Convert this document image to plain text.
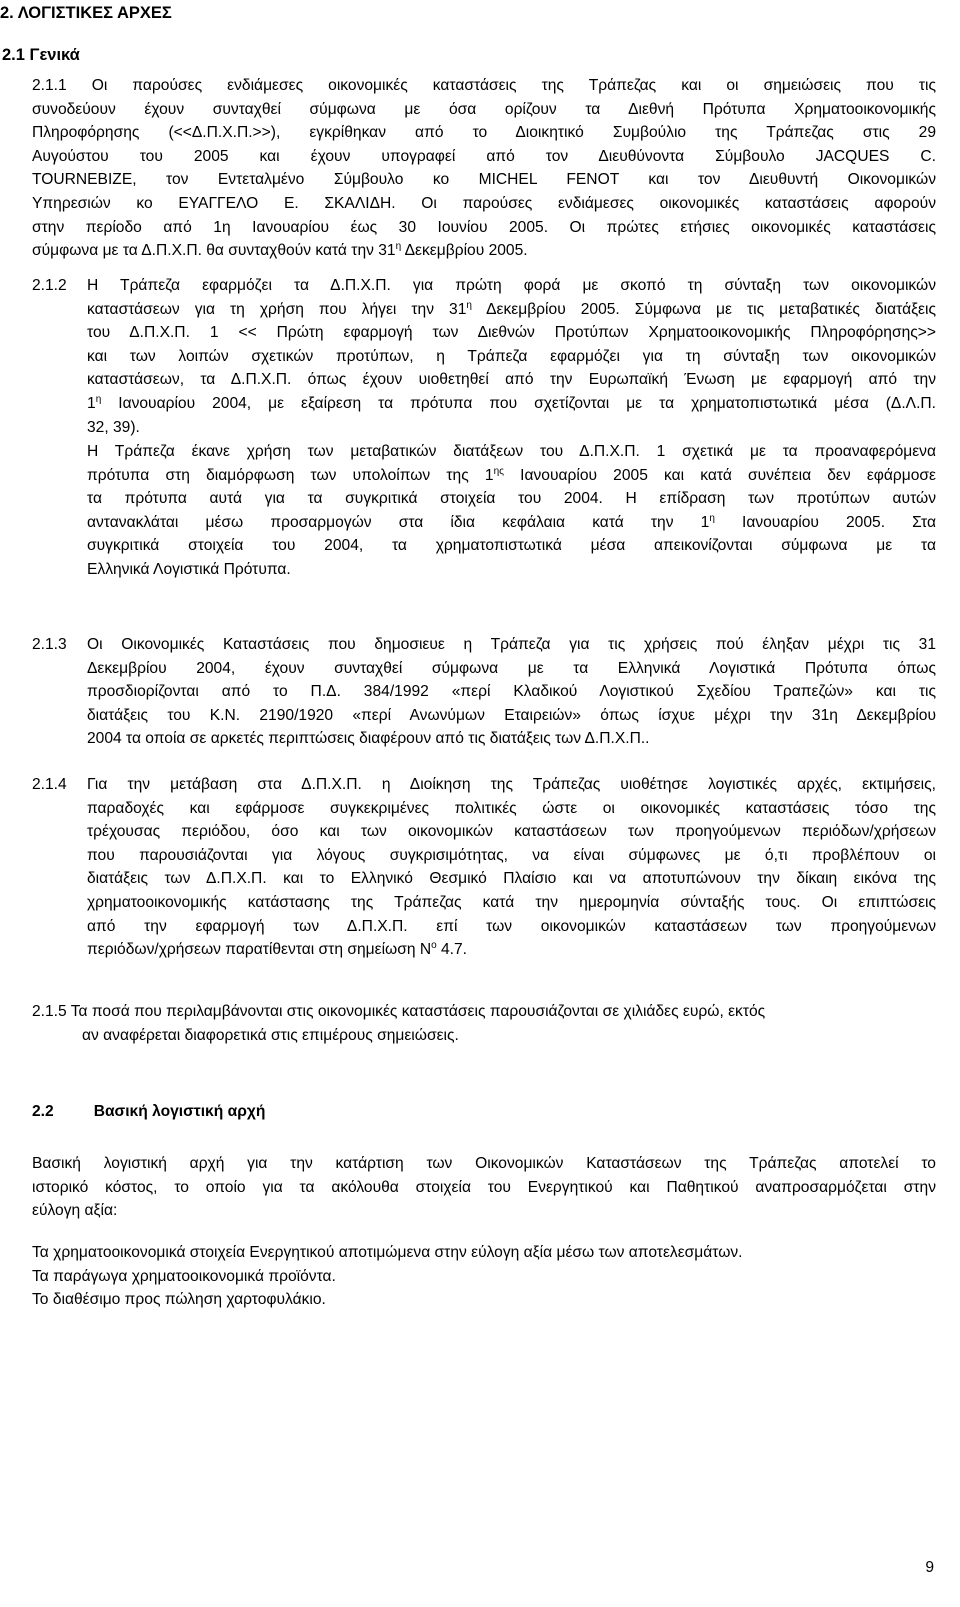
2. ΛΟΓΙΣΤΙΚΕΣ ΑΡΧΕΣ

2.1 Γενικά

2.1.1 Οι παρούσες ενδιάμεσες οικονομικές καταστάσεις της Τράπεζας και οι σημειώσεις που τις
συνοδεύουν έχουν συνταχθεί σύμφωνα με όσα ορίζουν τα Διεθνή Πρότυπα Χρηματοοικονομικής
Πληροφόρησης (<<Δ.Π.Χ.Π.>>), εγκρίθηκαν από το Διοικητικό Συμβούλιο της Τράπεζας στις 29
Αυγούστου του 2005 και έχουν υπογραφεί από τον Διευθύνοντα Σύμβουλο JACQUES C.
TOURNEBIZE, τον Εντεταλμένο Σύμβουλο κο MICHEL FENOT και τον Διευθυντή Οικονομικών
Υπηρεσιών κο ΕΥΑΓΓΕΛΟ Ε. ΣΚΑΛΙΔΗ. Οι παρούσες ενδιάμεσες οικονομικές καταστάσεις αφορούν
στην περίοδο από 1η Ιανουαρίου έως 30 Ιουνίου 2005. Οι πρώτες ετήσιες οικονομικές καταστάσεις
σύμφωνα με τα Δ.Π.Χ.Π. θα συνταχθούν κατά την $31^\eta$ Δεκεμβρίου 2005.
2.1.2 Η Τράπεζα εφαρμόζει τα Δ.Π.Χ.Π. για πρώτη φορά με σκοπό τη σύνταξη των οικονομικών
καταστάσεων για τη χρήση που λήγει την $31^\eta$ Δεκεμβρίου 2005. Σύμφωνα με τις μεταβατικές διατάξεις
του Δ.Π.Χ.Π. 1 << Πρώτη εφαρμογή των Διεθνών Προτύπων Χρηματοοικονομικής Πληροφόρησης>>
και των λοιπών σχετικών προτύπων, η Τράπεζα εφαρμόζει για τη σύνταξη των οικονομικών
καταστάσεων, τα Δ.Π.Χ.Π. όπως έχουν υιοθετηθεί από την Ευρωπαϊκή Ένωση με εφαρμογή από την
$1^\eta$ Ιανουαρίου 2004, με εξαίρεση τα πρότυπα που σχετίζονται με τα χρηματοπιστωτικά μέσα (Δ.Λ.Π.
32, 39).
Η Τράπεζα έκανε χρήση των μεταβατικών διατάξεων του Δ.Π.Χ.Π. 1 σχετικά με τα προαναφερόμενα
πρότυπα στη διαμόρφωση των υπολοίπων της $1^{\eta\varsigma}$ Ιανουαρίου 2005 και κατά συνέπεια δεν εφάρμοσε
τα πρότυπα αυτά για τα συγκριτικά στοιχεία του 2004. Η επίδραση των προτύπων αυτών
αντανακλάται μέσω προσαρμογών στα ίδια κεφάλαια κατά την $1^\eta$ Ιανουαρίου 2005. Στα
συγκριτικά στοιχεία του 2004, τα χρηματοπιστωτικά μέσα απεικονίζονται σύμφωνα με τα
Ελληνικά Λογιστικά Πρότυπα.
2.1.3 Οι Οικονομικές Καταστάσεις που δημοσιευε η Τράπεζα για τις χρήσεις πού έληξαν μέχρι τις 31
Δεκεμβρίου 2004, έχουν συνταχθεί σύμφωνα με τα Ελληνικά Λογιστικά Πρότυπα όπως
προσδιορίζονται από το Π.Δ. 384/1992 «περί Κλαδικού Λογιστικού Σχεδίου Τραπεζών» και τις
διατάξεις του Κ.Ν. 2190/1920 «περί Ανωνύμων Εταιρειών» όπως ίσχυε μέχρι την 31η Δεκεμβρίου
2004 τα οποία σε αρκετές περιπτώσεις διαφέρουν από τις διατάξεις των Δ.Π.Χ.Π..
2.1.4 Για την μετάβαση στα Δ.Π.Χ.Π. η Διοίκηση της Τράπεζας υιοθέτησε λογιστικές αρχές, εκτιμήσεις,
παραδοχές και εφάρμοσε συγκεκριμένες πολιτικές ώστε οι οικονομικές καταστάσεις τόσο της
τρέχουσας περιόδου, όσο και των οικονομικών καταστάσεων των προηγούμενων περιόδων/χρήσεων
που παρουσιάζονται για λόγους συγκρισιμότητας, να είναι σύμφωνες με ό,τι προβλέπουν οι
διατάξεις των Δ.Π.Χ.Π. και το Ελληνικό Θεσμικό Πλαίσιο και να αποτυπώνουν την δίκαιη εικόνα της
χρηματοοικονομικής κατάστασης της Τράπεζας κατά την ημερομηνία σύνταξής τους. Οι επιπτώσεις
από την εφαρμογή των Δ.Π.Χ.Π. επί των οικονομικών καταστάσεων των προηγούμενων
περιόδων/χρήσεων παρατίθενται στη σημείωση $N^o$ 4.7.
2.1.5 Τα ποσά που περιλαμβάνονται στις οικονομικές καταστάσεις παρουσιάζονται σε χιλιάδες ευρώ, εκτός
αν αναφέρεται διαφορετικά στις επιμέρους σημειώσεις.
2.2	Βασική λογιστική αρχή
Βασική λογιστική αρχή για την κατάρτιση των Οικονομικών Καταστάσεων της Τράπεζας αποτελεί το
ιστορικό κόστος, το οποίο για τα ακόλουθα στοιχεία του Ενεργητικού και Παθητικού αναπροσαρμόζεται στην
εύλογη αξία:
Τα χρηματοοικονομικά στοιχεία Ενεργητικού αποτιμώμενα στην εύλογη αξία μέσω των αποτελεσμάτων.
Τα παράγωγα χρηματοοικονομικά προϊόντα.
Το διαθέσιμο προς πώληση χαρτοφυλάκιο.
9
